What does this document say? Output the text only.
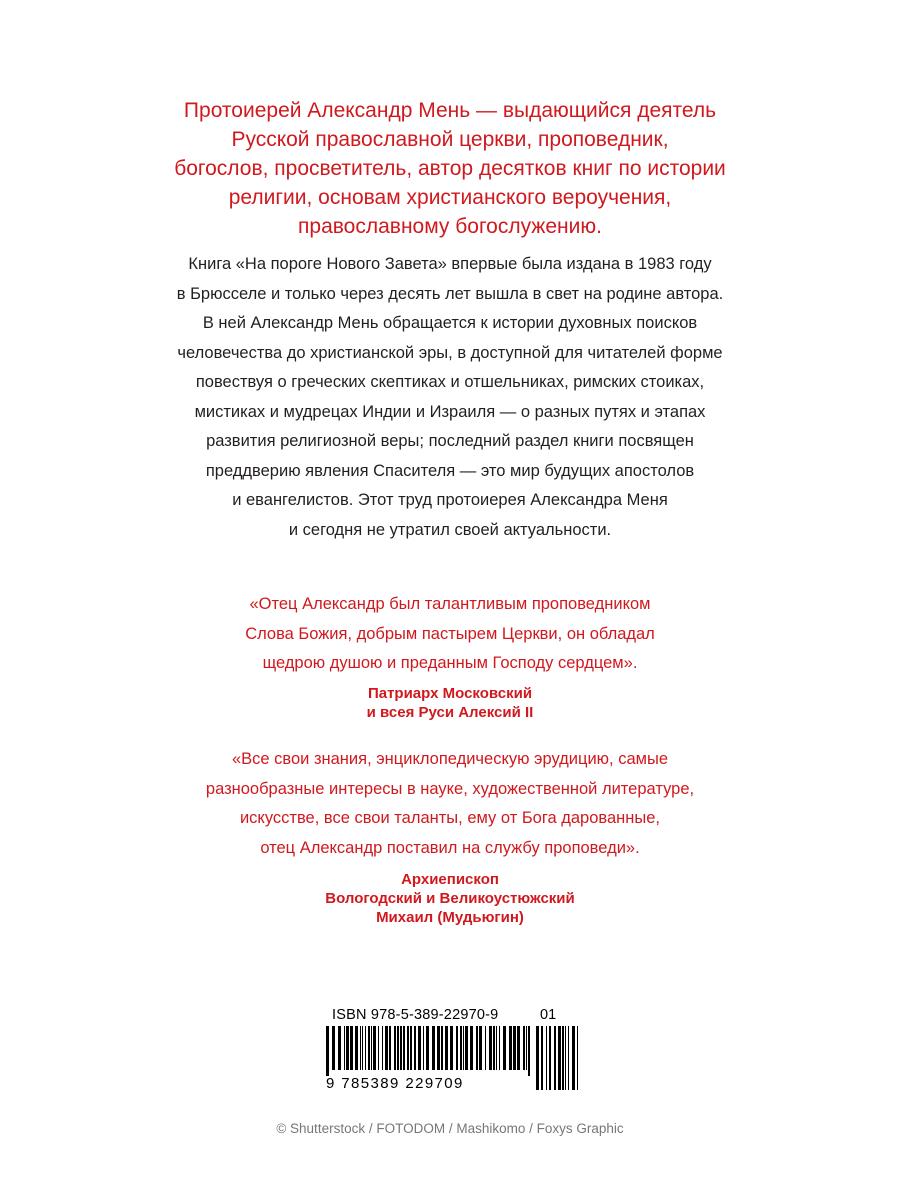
Протоиерей Александр Мень — выдающийся деятель
Русской православной церкви, проповедник,
богослов, просветитель, автор десятков книг по истории
религии, основам христианского вероучения,
православному богослужению.

Книга «На пороге Нового Завета» впервые была издана в 1983 году
в Брюсселе и только через десять лет вышла в свет на родине автора.
В ней Александр Мень обращается к истории духовных поисков
человечества до христианской эры, в доступной для читателей форме
повествуя о греческих скептиках и отшельниках, римских стоиках,
мистиках и мудрецах Индии и Израиля — о разных путях и этапах
развития религиозной веры; последний раздел книги посвящен
преддверию явления Спасителя — это мир будущих апостолов
и евангелистов. Этот труд протоиерея Александра Меня
и сегодня не утратил своей актуальности.

«Отец Александр был талантливым проповедником
Слова Божия, добрым пастырем Церкви, он обладал
щедрою душою и преданным Господу сердцем».

Патриарх Московский
и всея Руси Алексий II

«Все свои знания, энциклопедическую эрудицию, самые
разнообразные интересы в науке, художественной литературе,
искусстве, все свои таланты, ему от Бога дарованные,
отец Александр поставил на службу проповеди».

Архиепископ
Вологодский и Великоустюжский
Михаил (Мудьюгин)

ISBN 978-5-389-22970-9	01
9 785389 229709

© Shutterstock / FOTODOM / Mashikomo / Foxys Graphic
